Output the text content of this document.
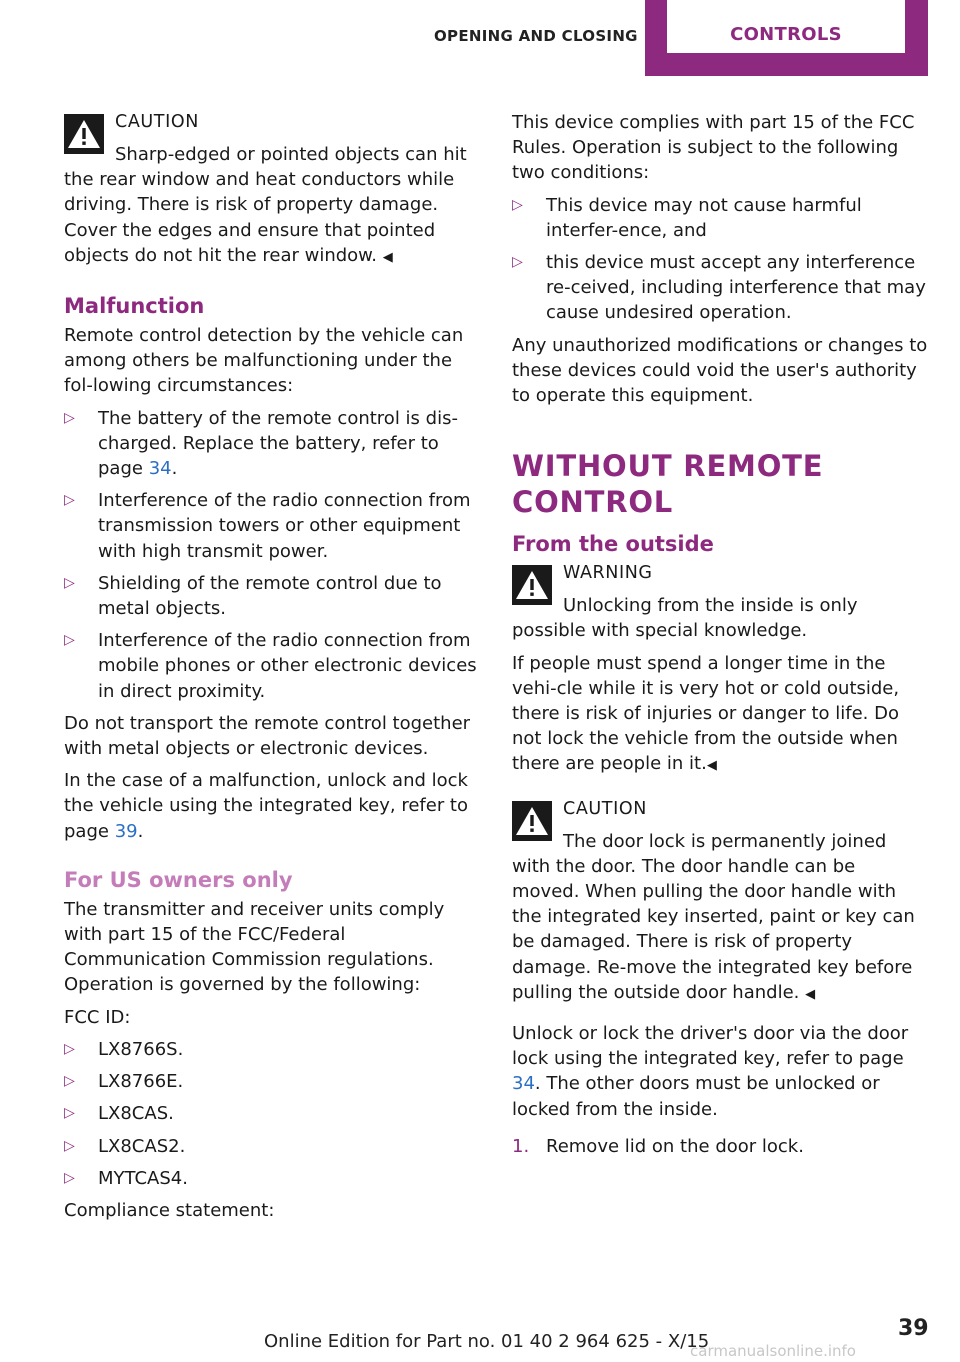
OPENING AND CLOSING	CONTROLS
CAUTION
Sharp-edged or pointed objects can hit the rear window and heat conductors while driving. There is risk of property damage. Cover the edges and ensure that pointed objects do not hit the rear window. ◀
Malfunction

Remote control detection by the vehicle can among others be malfunctioning under the fol-lowing circumstances:

▷ The battery of the remote control is dis-charged. Replace the battery, refer to page 34.
▷ Interference of the radio connection from transmission towers or other equipment with high transmit power.
▷ Shielding of the remote control due to metal objects.
▷ Interference of the radio connection from mobile phones or other electronic devices in direct proximity.

Do not transport the remote control together with metal objects or electronic devices.

In the case of a malfunction, unlock and lock the vehicle using the integrated key, refer to page 39.

For US owners only

The transmitter and receiver units comply with part 15 of the FCC/Federal Communication Commission regulations. Operation is governed by the following:

FCC ID:

▷ LX8766S.
▷ LX8766E.
▷ LX8CAS.
▷ LX8CAS2.
▷ MYTCAS4.

Compliance statement:

This device complies with part 15 of the FCC Rules. Operation is subject to the following two conditions:

▷ This device may not cause harmful interfer-ence, and
▷ this device must accept any interference re-ceived, including interference that may cause undesired operation.

Any unauthorized modifications or changes to these devices could void the user's authority to operate this equipment.

WITHOUT REMOTE CONTROL
From the outside
WARNING
Unlocking from the inside is only possible with special knowledge.
If people must spend a longer time in the vehi-cle while it is very hot or cold outside, there is risk of injuries or danger to life. Do not lock the vehicle from the outside when there are people in it.◀
CAUTION
The door lock is permanently joined with the door. The door handle can be moved. When pulling the door handle with the integrated key inserted, paint or key can be damaged. There is risk of property damage. Re-move the integrated key before pulling the outside door handle. ◀

Unlock or lock the driver's door via the door lock using the integrated key, refer to page 34. The other doors must be unlocked or locked from the inside.

1. Remove lid on the door lock.
Online Edition for Part no. 01 40 2 964 625 - X/15
39
carmanualsonline.info
